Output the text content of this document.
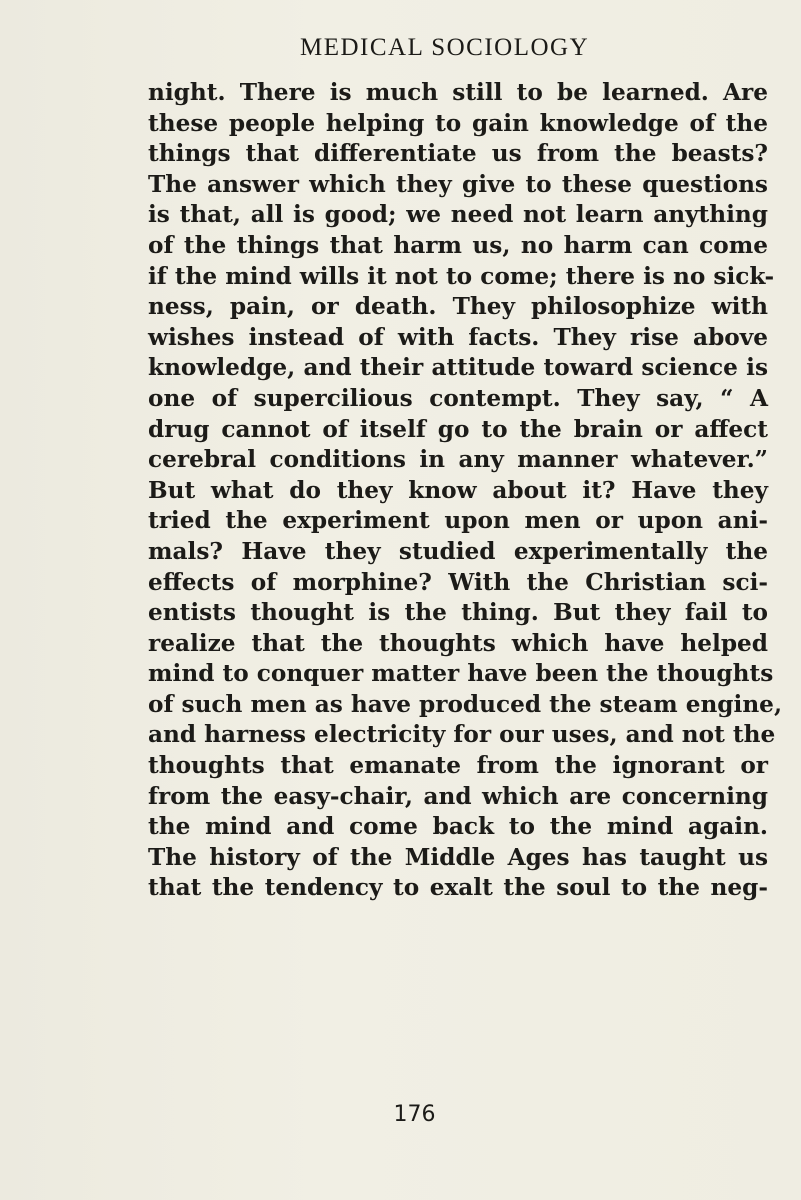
MEDICAL SOCIOLOGY
night. There is much still to be learned. Are
these people helping to gain knowledge of the
things that differentiate us from the beasts?
The answer which they give to these questions
is that, all is good; we need not learn anything
of the things that harm us, no harm can come
if the mind wills it not to come; there is no sick-
ness, pain, or death. They philosophize with
wishes instead of with facts. They rise above
knowledge, and their attitude toward science is
one of supercilious contempt. They say, “ A
drug cannot of itself go to the brain or affect
cerebral conditions in any manner whatever.”
But what do they know about it? Have they
tried the experiment upon men or upon ani-
mals? Have they studied experimentally the
effects of morphine? With the Christian sci-
entists thought is the thing. But they fail to
realize that the thoughts which have helped
mind to conquer matter have been the thoughts
of such men as have produced the steam engine,
and harness electricity for our uses, and not the
thoughts that emanate from the ignorant or
from the easy-chair, and which are concerning
the mind and come back to the mind again.
The history of the Middle Ages has taught us
that the tendency to exalt the soul to the neg-
176
